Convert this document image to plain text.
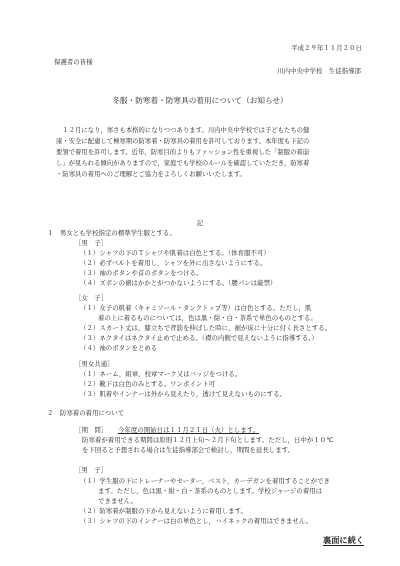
平成２９年１１月２０日
保護者の皆様
川内中央中学校　生徒指導部
冬服・防寒着・防寒具の着用について（お知らせ）

　１２月になり，寒さも本格的になりつつあります。川内中央中学校では子どもたちの健

康・安全に配慮して極寒期の防寒着・防寒具の着用を許可しております。本年度も下記の

要領で着用を許可します。近年，防寒目的よりもファッション性を重視した「制服の着崩

し」が見られる傾向がありますので，家庭でも学校のルールを確認していただき，防寒着

・防寒具の着用へのご理解とご協力をよろしくお願いいたします。

記
１　男女とも学校指定の標準学生服とする。
［男　子］
（１）シャツの下のＴシャツや肌着は白色とする。（体育服不可）
（２）必ずベルトを着用し，シャツを外に出さないようにする。
（３）袖のボタンや首のボタンをつける。
（４）ズボンの裾はかかとがつかないようにする。（腰パンは厳禁）
［女　子］
（１）女子の肌着（キャミソール・タンクトップ等）は白色とする。ただし，肌
着の上に着るものについては，色は黒・紺・白・茶系で単色のものとする。
（２）スカート丈は，膝立ちで背筋を伸ばした時に，裾が床に十分に付く長さとする。
（３）ネクタイはネクタイ止めで止める。（襟の内側で見えないように指導する。）
（４）袖のボタンをとめる
［男女共通］
（１）ネーム，組章，校章マーク又はバッジをつける。
（２）靴下は白色のみとする。ワンポイント可
（３）肌着やインナーは外から見えたり，透けて見えないものにする。
２　防寒着の着用について
［期　間］ 今年度の開始日は１１月２１日（火）とします。
防寒着が着用できる期間は原則１２月上旬〜２月下旬とします。ただし，日中が１０℃
を下回ると予想される場合は生徒指導部会で検討し，期間を延長します。
［男　子］
（１）学生服の下にトレーナーやセーター，ベスト，カーデガンを着用することができ
ます。ただし，色は黒・紺・白・茶系のものとします。学校ジャージの着用は
できません。
（２）防寒着が制服の下から見えないように着用します。
（３）シャツの下のインナーは白の単色とし，ハイネックの着用はできません。
裏面に続く
